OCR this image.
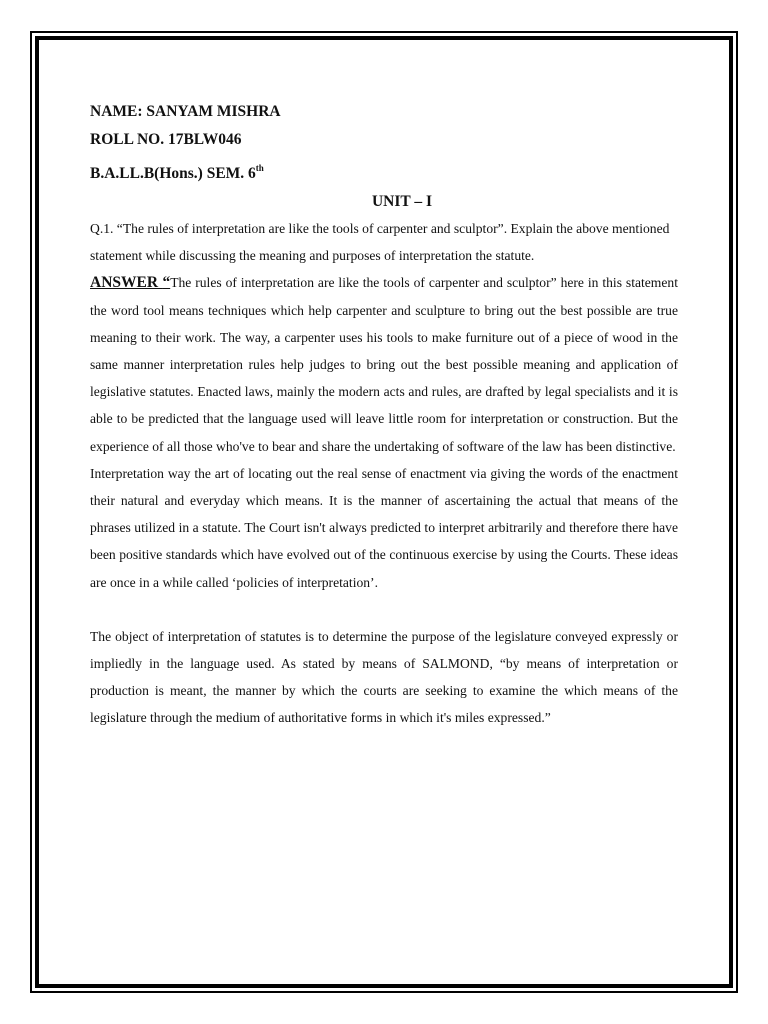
NAME: SANYAM MISHRA

ROLL NO. 17BLW046

B.A.LL.B(Hons.) SEM. 6th

UNIT – I

Q.1. “The rules of interpretation are like the tools of carpenter and sculptor”. Explain the above mentioned statement while discussing the meaning and purposes of interpretation the statute.

ANSWER “The rules of interpretation are like the tools of carpenter and sculptor” here in this statement the word tool means techniques which help carpenter and sculpture to bring out the best possible are true meaning to their work. The way, a carpenter uses his tools to make furniture out of a piece of wood in the same manner interpretation rules help judges to bring out the best possible meaning and application of legislative statutes. Enacted laws, mainly the modern acts and rules, are drafted by legal specialists and it is able to be predicted that the language used will leave little room for interpretation or construction. But the experience of all those who've to bear and share the undertaking of software of the law has been distinctive.

Interpretation way the art of locating out the real sense of enactment via giving the words of the enactment their natural and everyday which means. It is the manner of ascertaining the actual that means of the phrases utilized in a statute. The Court isn't always predicted to interpret arbitrarily and therefore there have been positive standards which have evolved out of the continuous exercise by using the Courts. These ideas are once in a while called ‘policies of interpretation’.

The object of interpretation of statutes is to determine the purpose of the legislature conveyed expressly or impliedly in the language used. As stated by means of SALMOND, “by means of interpretation or production is meant, the manner by which the courts are seeking to examine the which means of the legislature through the medium of authoritative forms in which it's miles expressed.”
